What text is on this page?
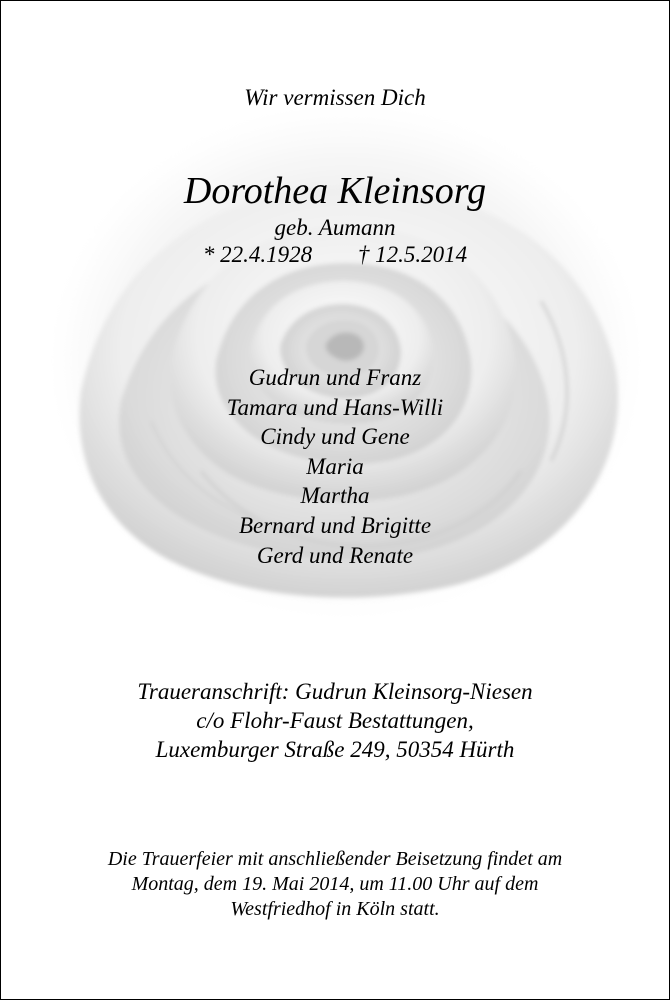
Wir vermissen Dich
Dorothea Kleinsorg
geb. Aumann
* 22.4.1928 † 12.5.2014
Gudrun und Franz
Tamara und Hans-Willi
Cindy und Gene
Maria
Martha
Bernard und Brigitte
Gerd und Renate
Traueranschrift: Gudrun Kleinsorg-Niesen
c/o Flohr-Faust Bestattungen,
Luxemburger Straße 249, 50354 Hürth
Die Trauerfeier mit anschließender Beisetzung findet am
Montag, dem 19. Mai 2014, um 11.00 Uhr auf dem
Westfriedhof in Köln statt.
